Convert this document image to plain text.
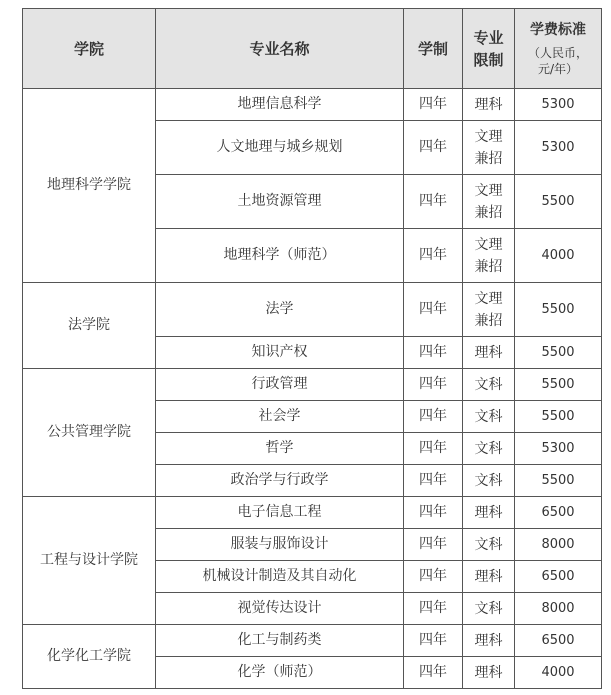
学院	专业名称	学制	专业限制	学费标准
（人民币，
元/年）

地理科学学院	地理信息科学	四年	理科	5300
	人文地理与城乡规划	四年	文理兼招	5300
	土地资源管理	四年	文理兼招	5500
	地理科学（师范）	四年	文理兼招	4000
法学院	法学	四年	文理兼招	5500
	知识产权	四年	理科	5500
公共管理学院	行政管理	四年	文科	5500
	社会学	四年	文科	5500
	哲学	四年	文科	5300
	政治学与行政学	四年	文科	5500
工程与设计学院	电子信息工程	四年	理科	6500
	服装与服饰设计	四年	文科	8000
	机械设计制造及其自动化	四年	理科	6500
	视觉传达设计	四年	文科	8000
化学化工学院	化工与制药类	四年	理科	6500
	化学（师范）	四年	理科	4000
